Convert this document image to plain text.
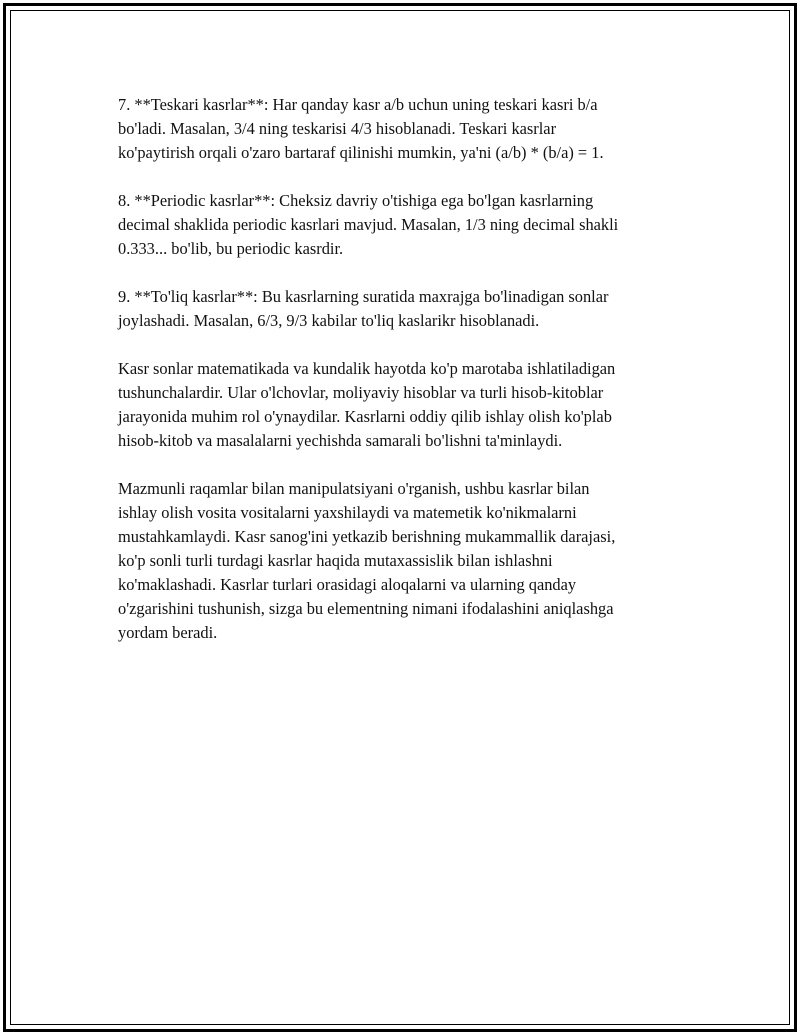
7. **Teskari kasrlar**: Har qanday kasr a/b uchun uning teskari kasri b/a
bo'ladi. Masalan, 3/4 ning teskarisi 4/3 hisoblanadi. Teskari kasrlar
ko'paytirish orqali o'zaro bartaraf qilinishi mumkin, ya'ni (a/b) * (b/a) = 1.

8. **Periodic kasrlar**: Cheksiz davriy o'tishiga ega bo'lgan kasrlarning
decimal shaklida periodic kasrlari mavjud. Masalan, 1/3 ning decimal shakli
0.333... bo'lib, bu periodic kasrdir.

9. **To'liq kasrlar**: Bu kasrlarning suratida maxrajga bo'linadigan sonlar
joylashadi. Masalan, 6/3, 9/3 kabilar to'liq kaslarikr hisoblanadi.

Kasr sonlar matematikada va kundalik hayotda ko'p marotaba ishlatiladigan
tushunchalardir. Ular o'lchovlar, moliyaviy hisoblar va turli hisob-kitoblar
jarayonida muhim rol o'ynaydilar. Kasrlarni oddiy qilib ishlay olish ko'plab
hisob-kitob va masalalarni yechishda samarali bo'lishni ta'minlaydi.

Mazmunli raqamlar bilan manipulatsiyani o'rganish, ushbu kasrlar bilan
ishlay olish vosita vositalarni yaxshilaydi va matemetik ko'nikmalarni
mustahkamlaydi. Kasr sanog'ini yetkazib berishning mukammallik darajasi,
ko'p sonli turli turdagi kasrlar haqida mutaxassislik bilan ishlashni
ko'maklashadi. Kasrlar turlari orasidagi aloqalarni va ularning qanday
o'zgarishini tushunish, sizga bu elementning nimani ifodalashini aniqlashga
yordam beradi.
